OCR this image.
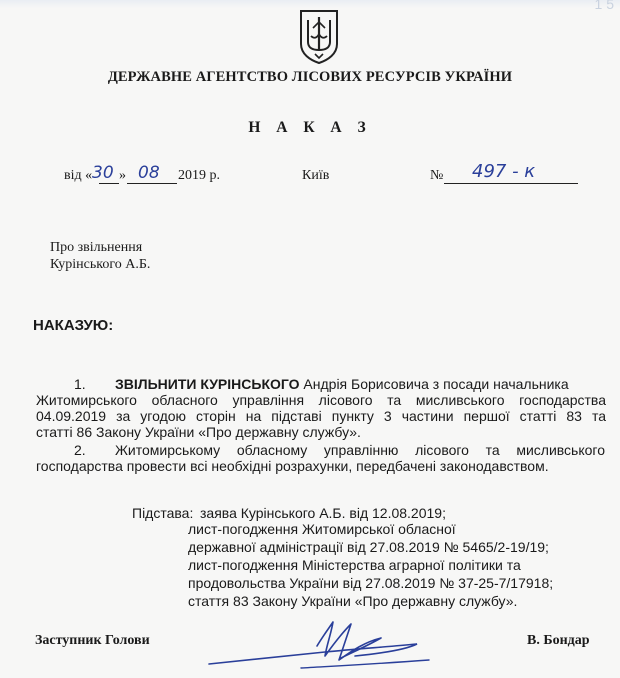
1 5
ДЕРЖАВНЕ АГЕНТСТВО ЛІСОВИХ РЕСУРСІВ УКРАЇНИ
Н А К А З
від « 30 » 08 2019 р.	Київ	№ 497 - к
Про звільнення
Курінського А.Б.
НАКАЗУЮ:
1. ЗВІЛЬНИТИ КУРІНСЬКОГО Андрія Борисовича з посади начальника
Житомирського обласного управління лісового та мисливського господарства
04.09.2019 за угодою сторін на підставі пункту 3 частини першої статті 83 та
статті 86 Закону України «Про державну службу».
2. Житомирському обласному управлінню лісового та мисливського
господарства провести всі необхідні розрахунки, передбачені законодавством.
Підстава: заява Курінського А.Б. від 12.08.2019;
лист-погодження Житомирської обласної
державної адміністрації від 27.08.2019 № 5465/2-19/19;
лист-погодження Міністерства аграрної політики та
продовольства України від 27.08.2019 № 37-25-7/17918;
стаття 83 Закону України «Про державну службу».
Заступник Голови	В. Бондар
